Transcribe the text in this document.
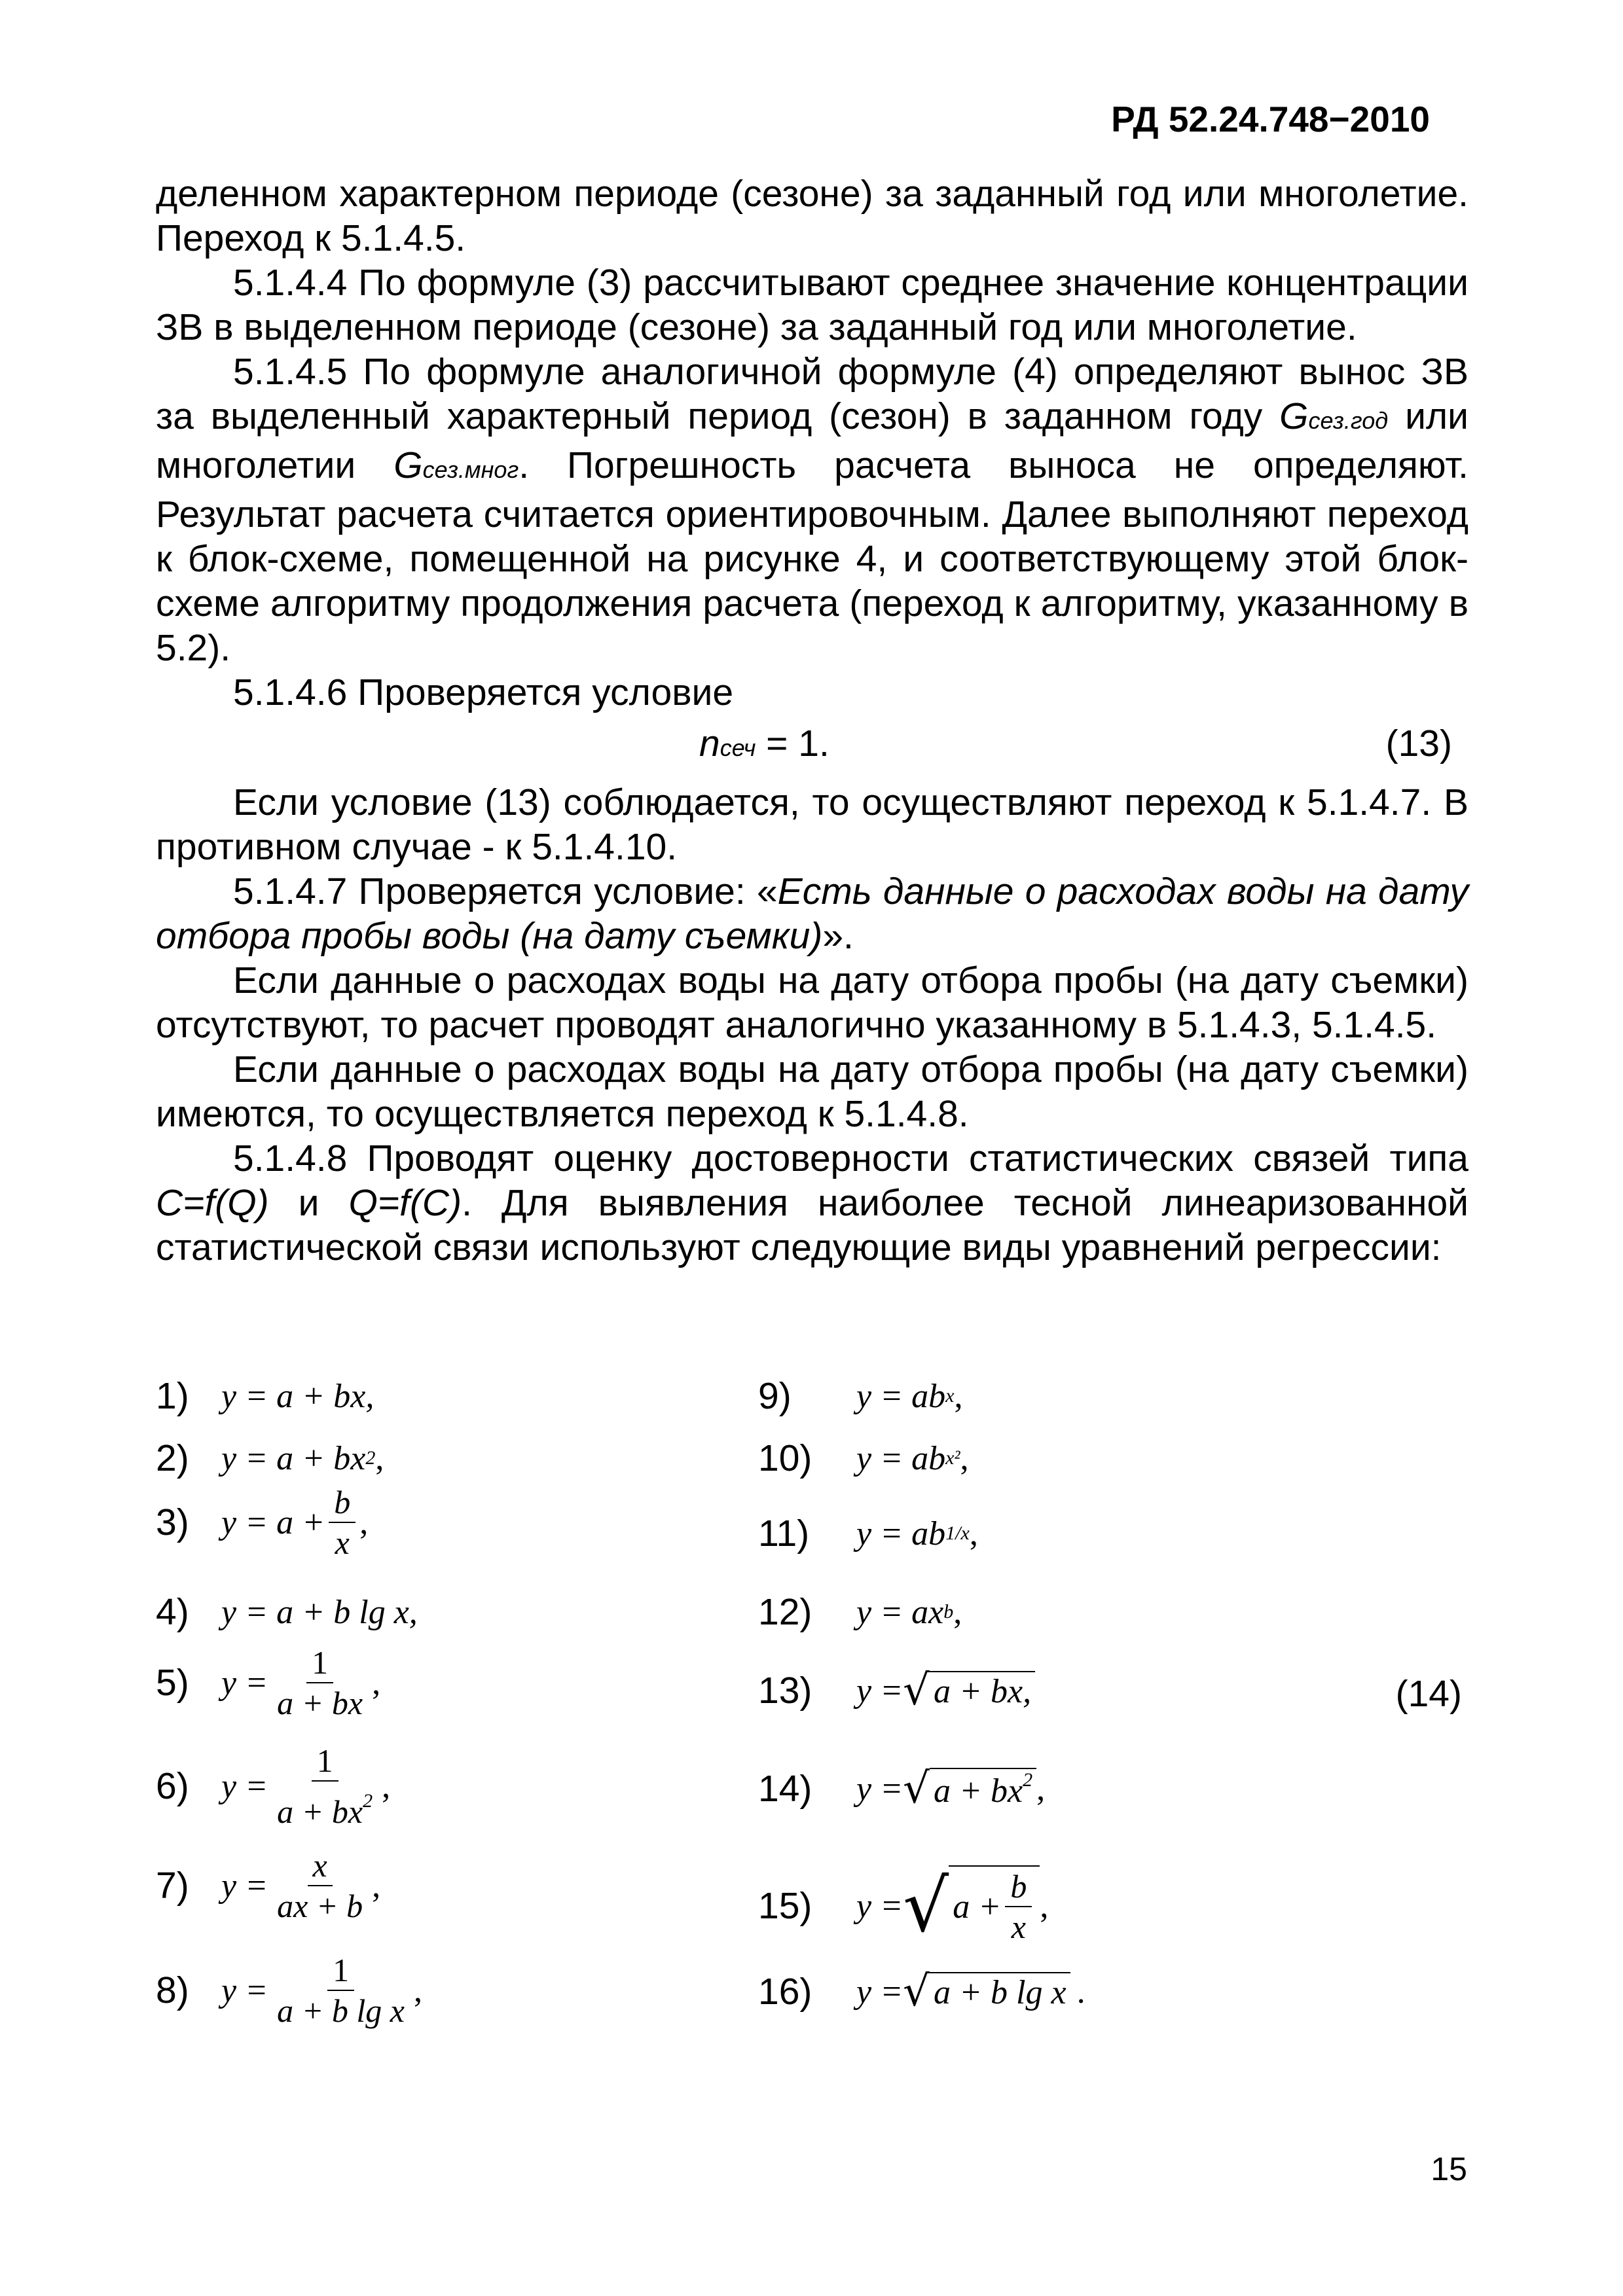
РД 52.24.748−2010

деленном характерном периоде (сезоне) за заданный год или многолетие. Переход к 5.1.4.5.

5.1.4.4 По формуле (3) рассчитывают среднее значение концентрации ЗВ в выделенном периоде (сезоне) за заданный год или многолетие.

5.1.4.5 По формуле аналогичной формуле (4) определяют вынос ЗВ за выделенный характерный период (сезон) в заданном году Gсез.год или многолетии Gсез.мног. Погрешность расчета выноса не определяют. Результат расчета считается ориентировочным. Далее выполняют переход к блок-схеме, помещенной на рисунке 4, и соответствующему этой блок-схеме алгоритму продолжения расчета (переход к алгоритму, указанному в 5.2).

5.1.4.6 Проверяется условие

nсеч = 1.	(13)

Если условие (13) соблюдается, то осуществляют переход к 5.1.4.7. В противном случае - к 5.1.4.10.

5.1.4.7 Проверяется условие: «Есть данные о расходах воды на дату отбора пробы воды (на дату съемки)».

Если данные о расходах воды на дату отбора пробы (на дату съемки) отсутствуют, то расчет проводят аналогично указанному в 5.1.4.3, 5.1.4.5.

Если данные о расходах воды на дату отбора пробы (на дату съемки) имеются, то осуществляется переход к 5.1.4.8.

5.1.4.8 Проводят оценку достоверности статистических связей типа C=f(Q) и Q=f(C). Для выявления наиболее тесной линеаризованной статистической связи используют следующие виды уравнений регрессии:

1) y = a + bx,
2) y = a + bx 2 ,
3) $y = a + \frac{b}{x}$ ,
4) y = a + b lg x,
5) $y = \frac{1}{a + bx}$ ,
6) $y = \frac{1}{a + bx^2}$ ,
7) $y = \frac{x}{ax + b}$ ,
8) $y = \frac{1}{\text{a + b lg x}}$ ,
9)	y = ab x ,
10)	y = ab x² ,
11)	y = ab 1/x ,
12)	y = ax b ,
13)	y = √ a + bx,
14)	y = √ $a + bx^2$ ,
15)	y = √ $a + \frac{b}{x}$ ,
16)	y = √ a + b lg x .
(14)
15
